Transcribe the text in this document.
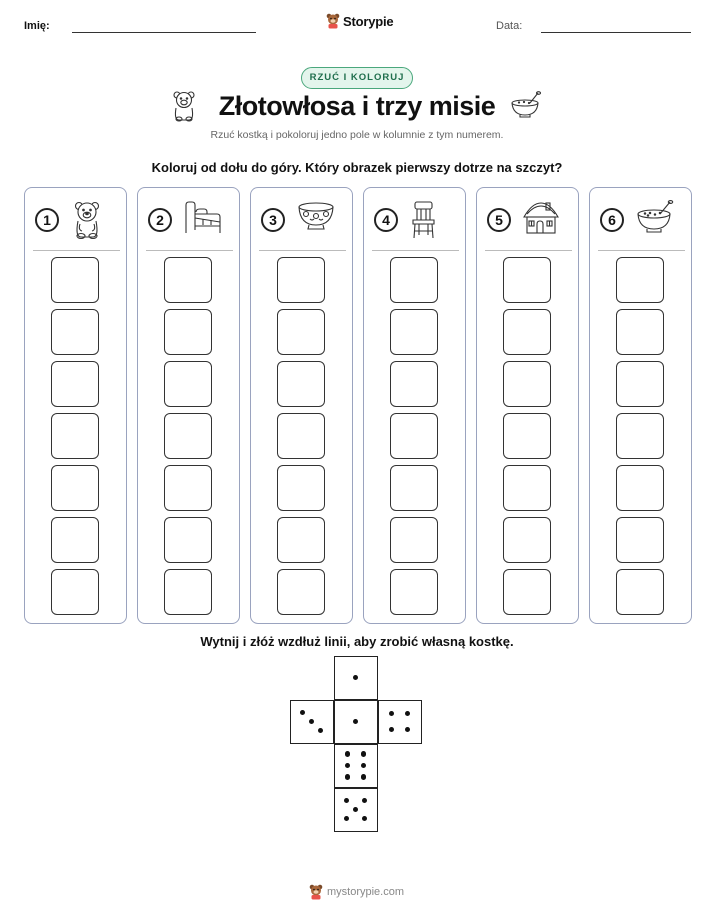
Imię:	Storypie	Data:
RZUĆ I KOLORUJ
Złotowłosa i trzy misie
Rzuć kostką i pokoloruj jedno pole w kolumnie z tym numerem.
Koloruj od dołu do góry. Który obrazek pierwszy dotrze na szczyt?
1	2	3	4	5	6
Wytnij i złóż wzdłuż linii, aby zrobić własną kostkę.
mystorypie.com
